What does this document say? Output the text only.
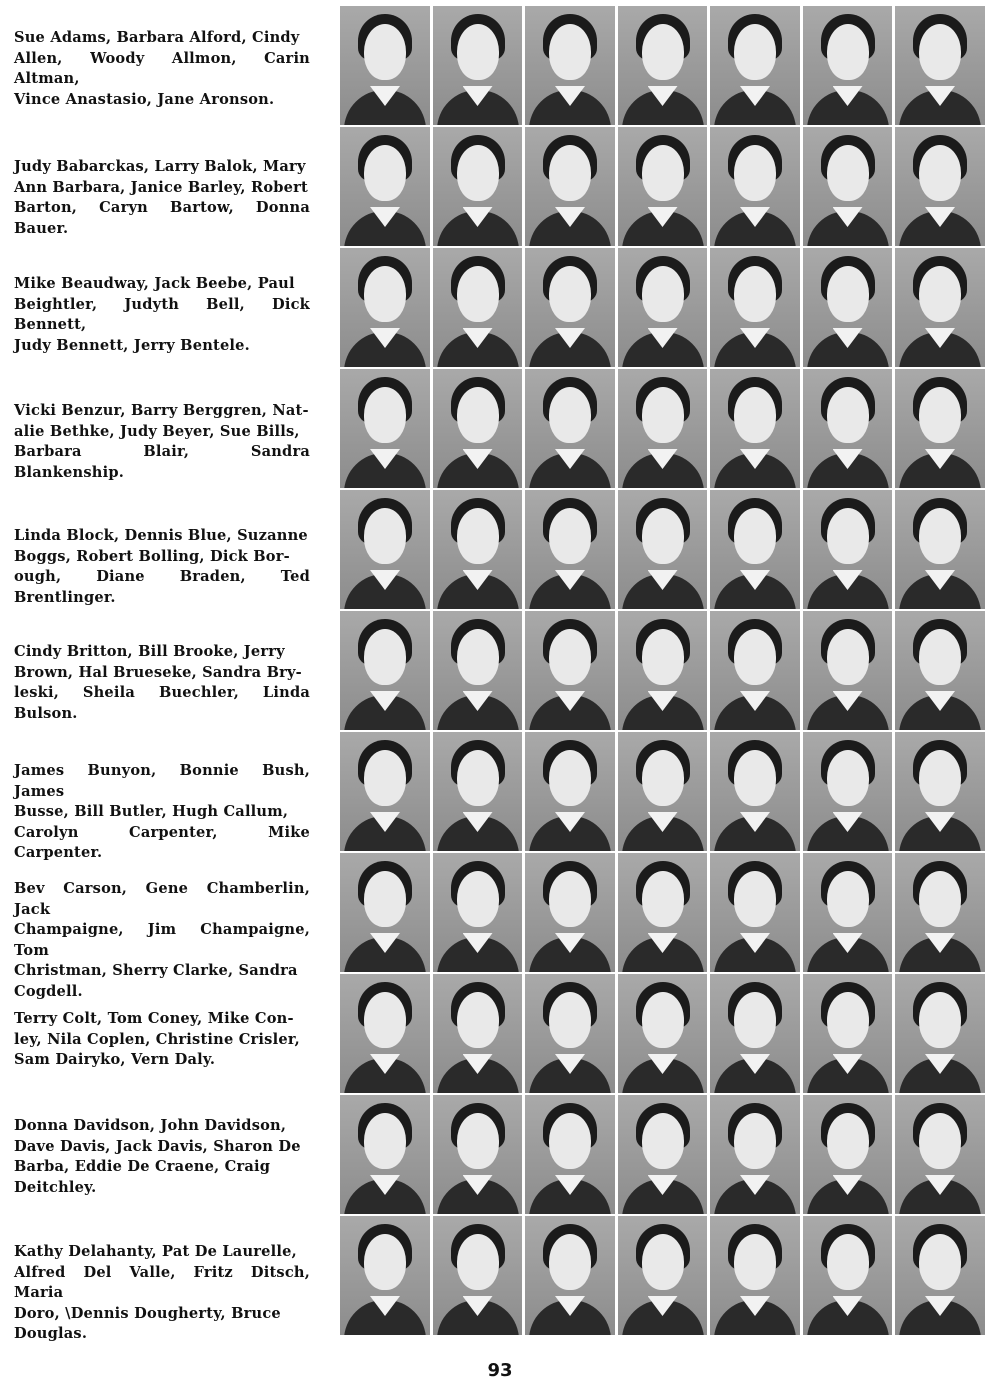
Sue Adams, Barbara Alford, Cindy
Allen, Woody Allmon, Carin Altman,
Vince Anastasio, Jane Aronson.
Judy Babarckas, Larry Balok, Mary
Ann Barbara, Janice Barley, Robert
Barton, Caryn Bartow, Donna Bauer.
Mike Beaudway, Jack Beebe, Paul
Beightler, Judyth Bell, Dick Bennett,
Judy Bennett, Jerry Bentele.
Vicki Benzur, Barry Berggren, Nat-
alie Bethke, Judy Beyer, Sue Bills,
Barbara Blair, Sandra Blankenship.
Linda Block, Dennis Blue, Suzanne
Boggs, Robert Bolling, Dick Bor-
ough, Diane Braden, Ted Brentlinger.
Cindy Britton, Bill Brooke, Jerry
Brown, Hal Brueseke, Sandra Bry-
leski, Sheila Buechler, Linda Bulson.
James Bunyon, Bonnie Bush, James
Busse, Bill Butler, Hugh Callum,
Carolyn Carpenter, Mike Carpenter.
Bev Carson, Gene Chamberlin, Jack
Champaigne, Jim Champaigne, Tom
Christman, Sherry Clarke, Sandra
Cogdell.
Terry Colt, Tom Coney, Mike Con-
ley, Nila Coplen, Christine Crisler,
Sam Dairyko, Vern Daly.
Donna Davidson, John Davidson,
Dave Davis, Jack Davis, Sharon De
Barba, Eddie De Craene, Craig
Deitchley.
Kathy Delahanty, Pat De Laurelle,
Alfred Del Valle, Fritz Ditsch, Maria
Doro, \Dennis Dougherty, Bruce
Douglas.
93
